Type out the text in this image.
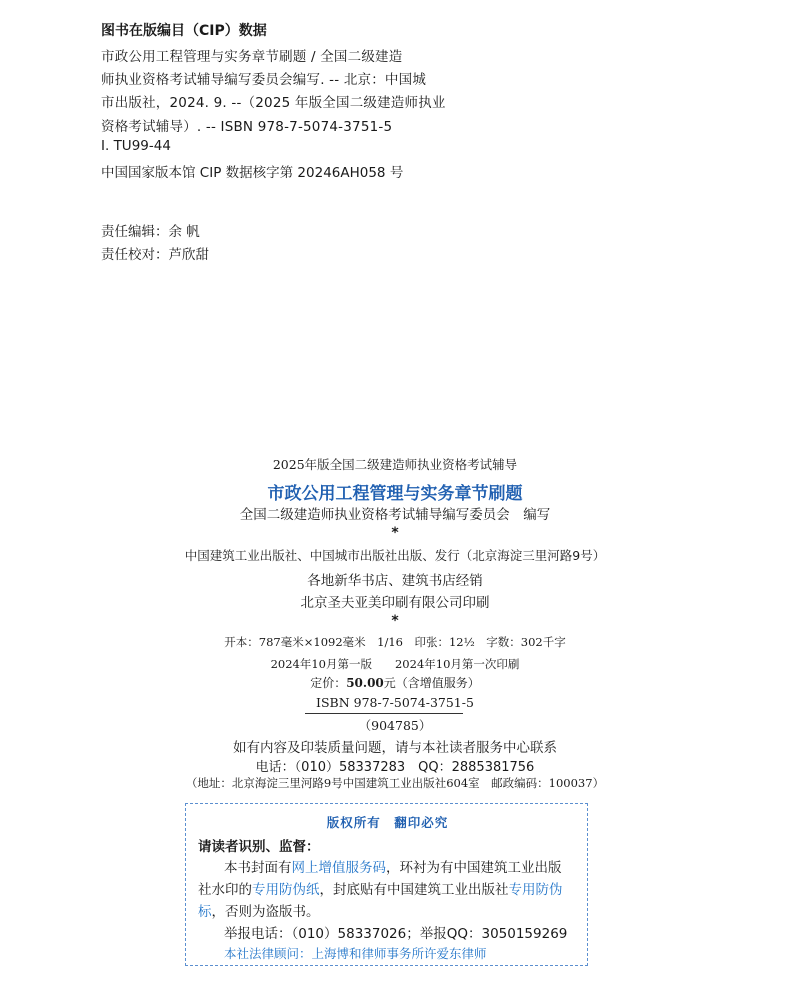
图书在版编目（CIP）数据
市政公用工程管理与实务章节刷题 / 全国二级建造
师执业资格考试辅导编写委员会编写. -- 北京：中国城
市出版社，2024. 9. --（2025 年版全国二级建造师执业
资格考试辅导）. -- ISBN 978-7-5074-3751-5
Ⅰ. TU99-44
中国国家版本馆 CIP 数据核字第 20246AH058 号
责任编辑：余 帆
责任校对：芦欣甜
2025年版全国二级建造师执业资格考试辅导
市政公用工程管理与实务章节刷题
全国二级建造师执业资格考试辅导编写委员会　编写
*
中国建筑工业出版社、中国城市出版社出版、发行（北京海淀三里河路9号）
各地新华书店、建筑书店经销
北京圣夫亚美印刷有限公司印刷
*
开本：787毫米×1092毫米　1/16　印张：12½　字数：302千字
2024年10月第一版　　2024年10月第一次印刷
定价：50.00元（含增值服务）
ISBN 978-7-5074-3751-5
（904785）
如有内容及印装质量问题，请与本社读者服务中心联系
电话：（010）58337283　QQ：2885381756
（地址：北京海淀三里河路9号中国建筑工业出版社604室　邮政编码：100037）
版权所有　翻印必究
请读者识别、监督：
本书封面有网上增值服务码，环衬为有中国建筑工业出版
社水印的专用防伪纸，封底贴有中国建筑工业出版社专用防伪
标，否则为盗版书。
举报电话：（010）58337026；举报QQ：3050159269
本社法律顾问：上海博和律师事务所许爱东律师
